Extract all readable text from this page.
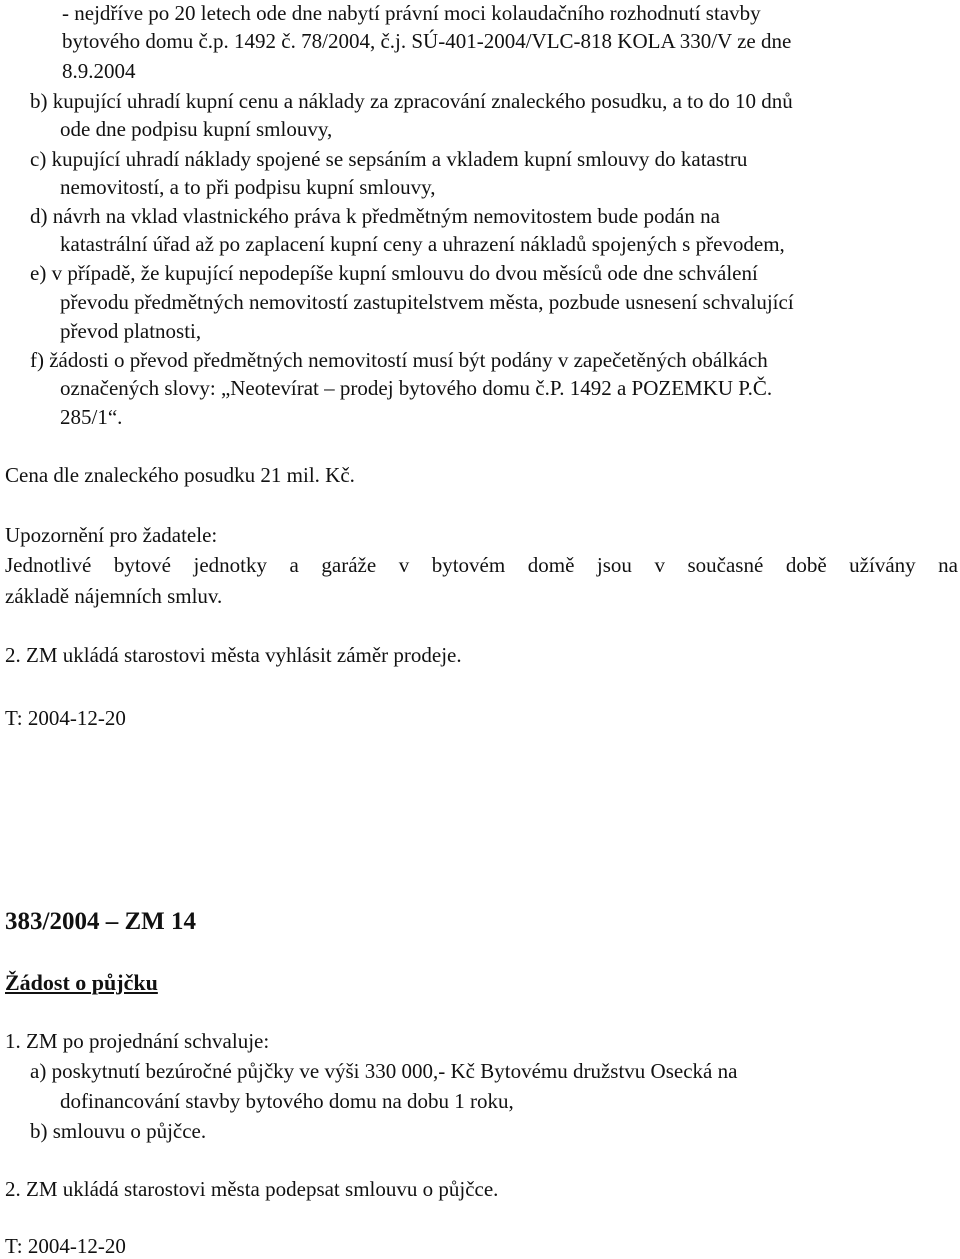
- nejdříve po 20 letech ode dne nabytí právní moci kolaudačního rozhodnutí stavby
bytového domu č.p. 1492 č. 78/2004, č.j. SÚ-401-2004/VLC-818 KOLA 330/V ze dne
8.9.2004
b) kupující uhradí kupní cenu a náklady za zpracování znaleckého posudku, a to do 10 dnů
ode dne podpisu kupní smlouvy,
c) kupující uhradí náklady spojené se sepsáním a vkladem kupní smlouvy do katastru
nemovitostí, a to při podpisu kupní smlouvy,
d) návrh na vklad vlastnického práva k předmětným nemovitostem bude podán na
katastrální úřad až po zaplacení kupní ceny a uhrazení nákladů spojených s převodem,
e) v případě, že kupující nepodepíše kupní smlouvu do dvou měsíců ode dne schválení
převodu předmětných nemovitostí zastupitelstvem města, pozbude usnesení schvalující
převod platnosti,
f) žádosti o převod předmětných nemovitostí musí být podány v zapečetěných obálkách
označených slovy: „Neotevírat – prodej bytového domu č.P. 1492 a POZEMKU P.Č.
285/1“.
Cena dle znaleckého posudku 21 mil. Kč.
Upozornění pro žadatele:
Jednotlivé bytové jednotky a garáže v bytovém domě jsou v současné době užívány na
základě nájemních smluv.
2. ZM ukládá starostovi města vyhlásit záměr prodeje.
T: 2004-12-20
383/2004 – ZM 14
Žádost o půjčku
1. ZM po projednání schvaluje:
a) poskytnutí bezúročné půjčky ve výši 330 000,- Kč Bytovému družstvu Osecká na
dofinancování stavby bytového domu na dobu 1 roku,
b) smlouvu o půjčce.
2. ZM ukládá starostovi města podepsat smlouvu o půjčce.
T: 2004-12-20
